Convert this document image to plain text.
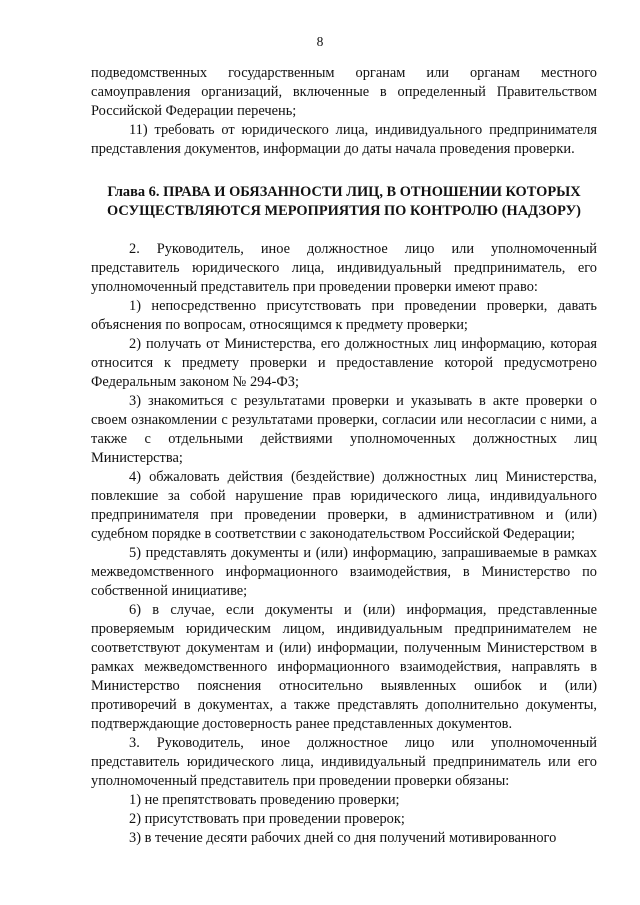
8

подведомственных государственным органам или органам местного самоуправления организаций, включенные в определенный Правительством Российской Федерации перечень;

11) требовать от юридического лица, индивидуального предпринимателя представления документов, информации до даты начала проведения проверки.

Глава 6. ПРАВА И ОБЯЗАННОСТИ ЛИЦ, В ОТНОШЕНИИ КОТОРЫХ ОСУЩЕСТВЛЯЮТСЯ МЕРОПРИЯТИЯ ПО КОНТРОЛЮ (НАДЗОРУ)

2. Руководитель, иное должностное лицо или уполномоченный представитель юридического лица, индивидуальный предприниматель, его уполномоченный представитель при проведении проверки имеют право:

1) непосредственно присутствовать при проведении проверки, давать объяснения по вопросам, относящимся к предмету проверки;

2) получать от Министерства, его должностных лиц информацию, которая относится к предмету проверки и предоставление которой предусмотрено Федеральным законом № 294-ФЗ;

3) знакомиться с результатами проверки и указывать в акте проверки о своем ознакомлении с результатами проверки, согласии или несогласии с ними, а также с отдельными действиями уполномоченных должностных лиц Министерства;

4) обжаловать действия (бездействие) должностных лиц Министерства, повлекшие за собой нарушение прав юридического лица, индивидуального предпринимателя при проведении проверки, в административном и (или) судебном порядке в соответствии с законодательством Российской Федерации;

5) представлять документы и (или) информацию, запрашиваемые в рамках межведомственного информационного взаимодействия, в Министерство по собственной инициативе;

6) в случае, если документы и (или) информация, представленные проверяемым юридическим лицом, индивидуальным предпринимателем не соответствуют документам и (или) информации, полученным Министерством в рамках межведомственного информационного взаимодействия, направлять в Министерство пояснения относительно выявленных ошибок и (или) противоречий в документах, а также представлять дополнительно документы, подтверждающие достоверность ранее представленных документов.

3. Руководитель, иное должностное лицо или уполномоченный представитель юридического лица, индивидуальный предприниматель или его уполномоченный представитель при проведении проверки обязаны:

1) не препятствовать проведению проверки;

2) присутствовать при проведении проверок;

3) в течение десяти рабочих дней со дня получений мотивированного
